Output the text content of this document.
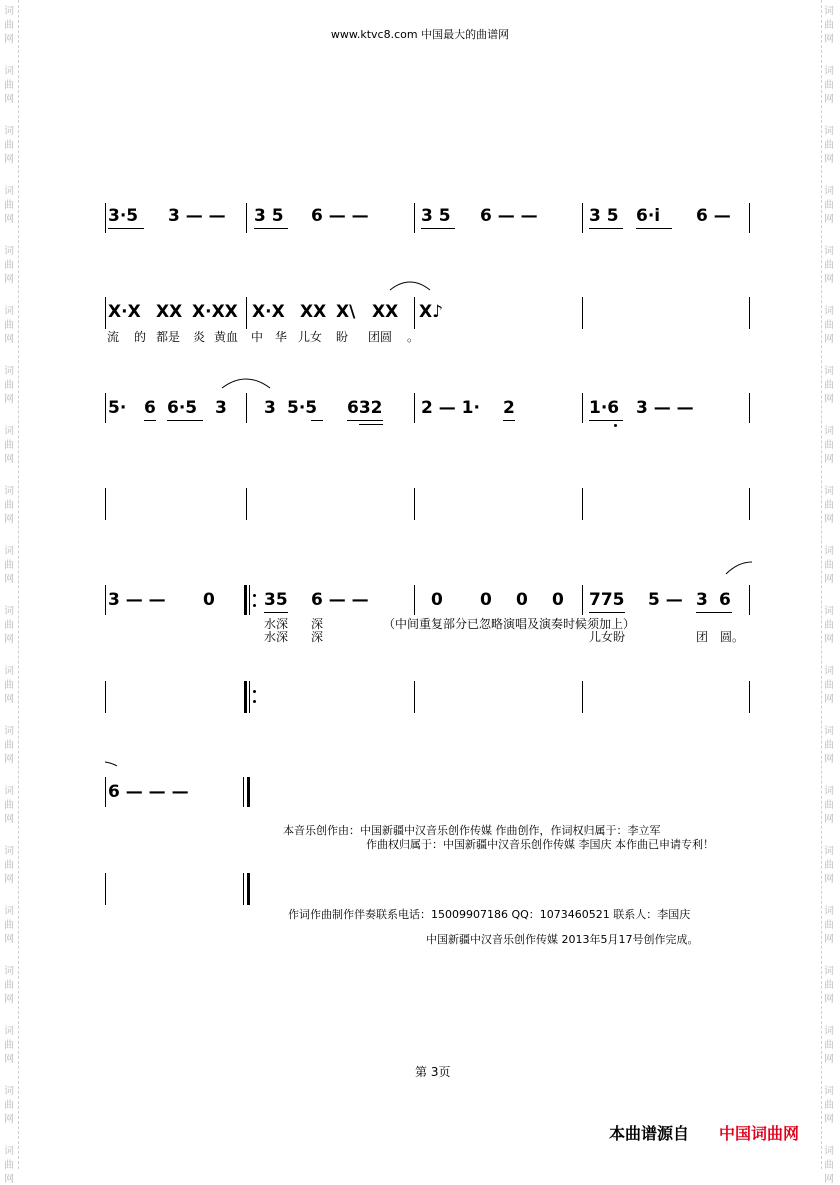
词
曲
网
词
曲
网
词
曲
网
词
曲
网
词
曲
网
词
曲
网
词
曲
网
词
曲
网
词
曲
网
词
曲
网
词
曲
网
词
曲
网
词
曲
网
词
曲
网
词
曲
网
词
曲
网
词
曲
网
词
曲
网
词
曲
网
词
曲
网
词
曲
网
词
曲
网
词
曲
网
词
曲
网
词
曲
网
词
曲
网
词
曲
网
词
曲
网
词
曲
网
词
曲
网
词
曲
网
词
曲
网
词
曲
网
词
曲
网
词
曲
网
词
曲
网
词
曲
网
词
曲
网
词
曲
网
词
曲
网
www.ktvc8.com 中国最大的曲谱网
3·5 3 — — 3 5 6 — —	3 5 6 — —	3 5 6·i 6 —
X·X XX X·XX X·X XX X\ XX X♪
流 的 都是 炎 黄血 中 华 儿女 盼 团圆 。
5· 6 6·5 3 3 5·5 632 2 — 1· 2	1·6 3 — —
3 — — 0	35 6 — —	0 0 0 0 775 5 — 3 6
水深 深	（中间重复部分已忽略演唱及演奏时候须加上）
水深 深	儿女盼	团 圆。
6 — — —
本音乐创作由：中国新疆中汉音乐创作传媒 作曲创作，作词权归属于：李立军
作曲权归属于：中国新疆中汉音乐创作传媒 李国庆 本作曲已申请专利！
作词作曲制作伴奏联系电话：15009907186 QQ：1073460521 联系人：李国庆
中国新疆中汉音乐创作传媒 2013年5月17号创作完成。
第 3页
本曲谱源自 中国词曲网
